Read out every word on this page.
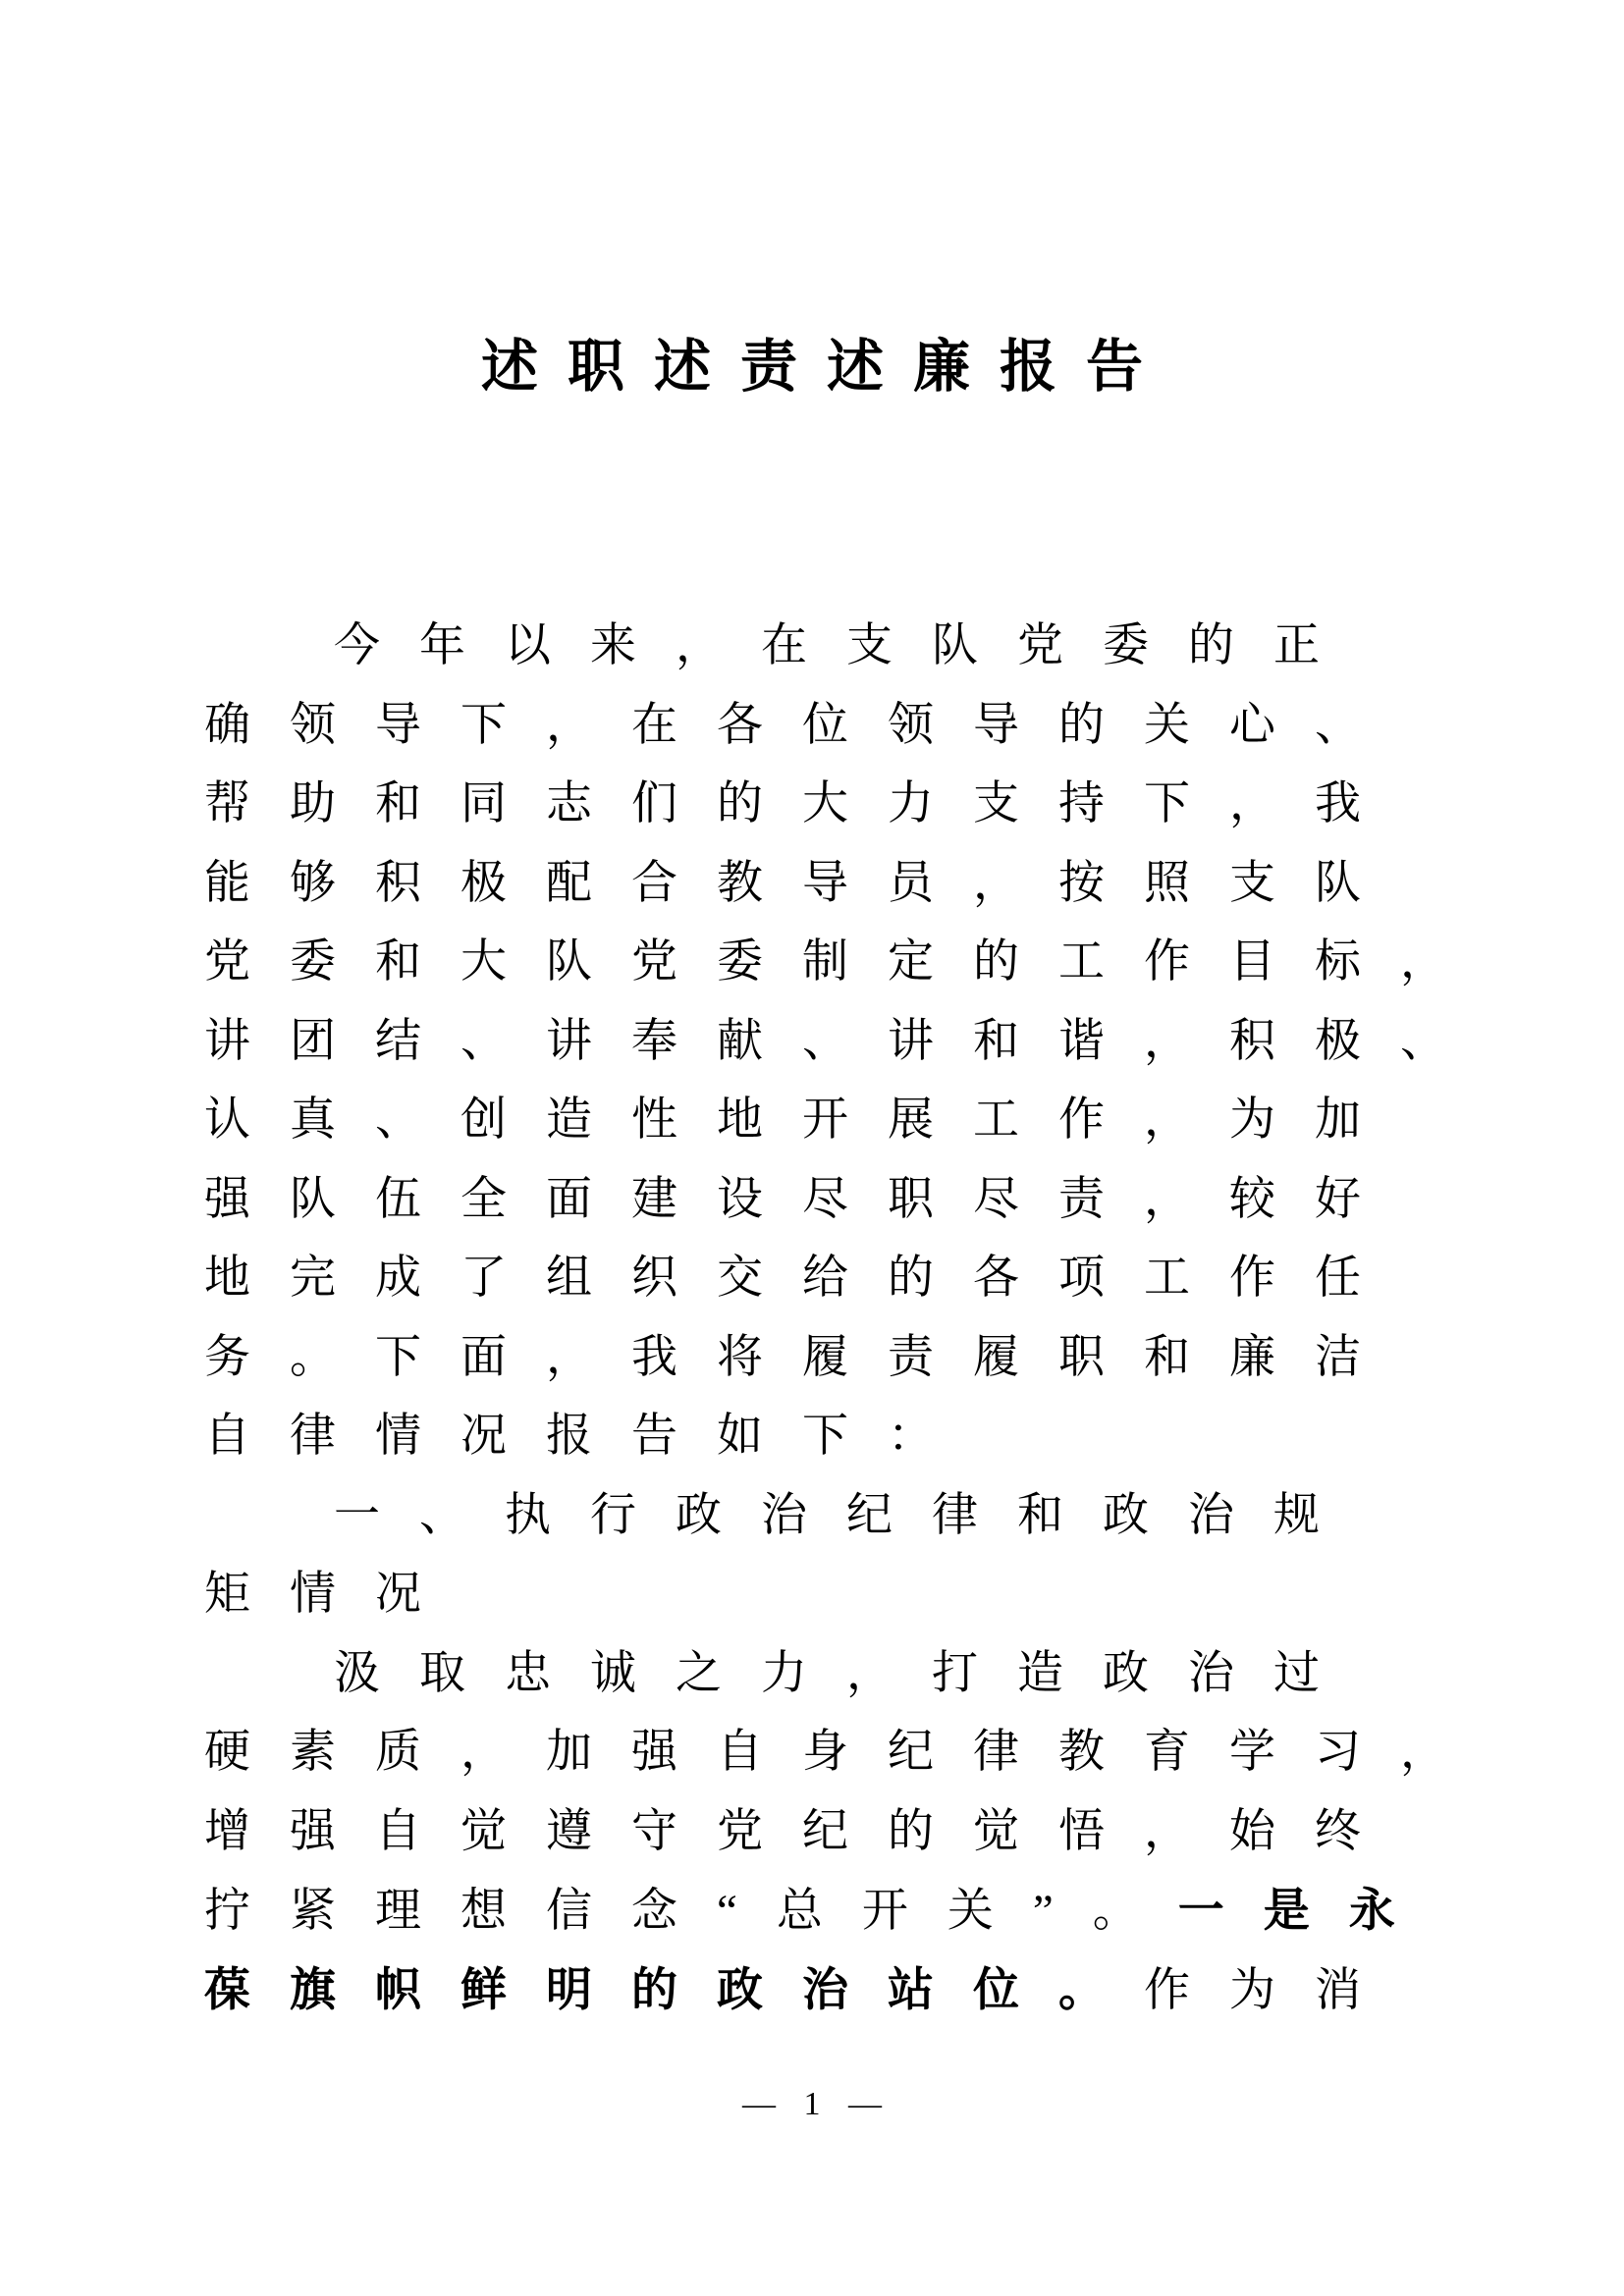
述职述责述廉报告
今年以来，在支队党委的正
确领导下，在各位领导的关心、
帮助和同志们的大力支持下，我
能够积极配合教导员，按照支队
党委和大队党委制定的工作目标，
讲团结、讲奉献、讲和谐，积极、
认真、创造性地开展工作，为加
强队伍全面建设尽职尽责，较好
地完成了组织交给的各项工作任
务。下面，我将履责履职和廉洁
自律情况报告如下：
一、执行政治纪律和政治规
矩情况
汲取忠诚之力，打造政治过
硬素质，加强自身纪律教育学习，
增强自觉遵守党纪的觉悟，始终
拧紧理想信念“总开关”。一是永
葆旗帜鲜明的政治站位。作为消
— 1 —
